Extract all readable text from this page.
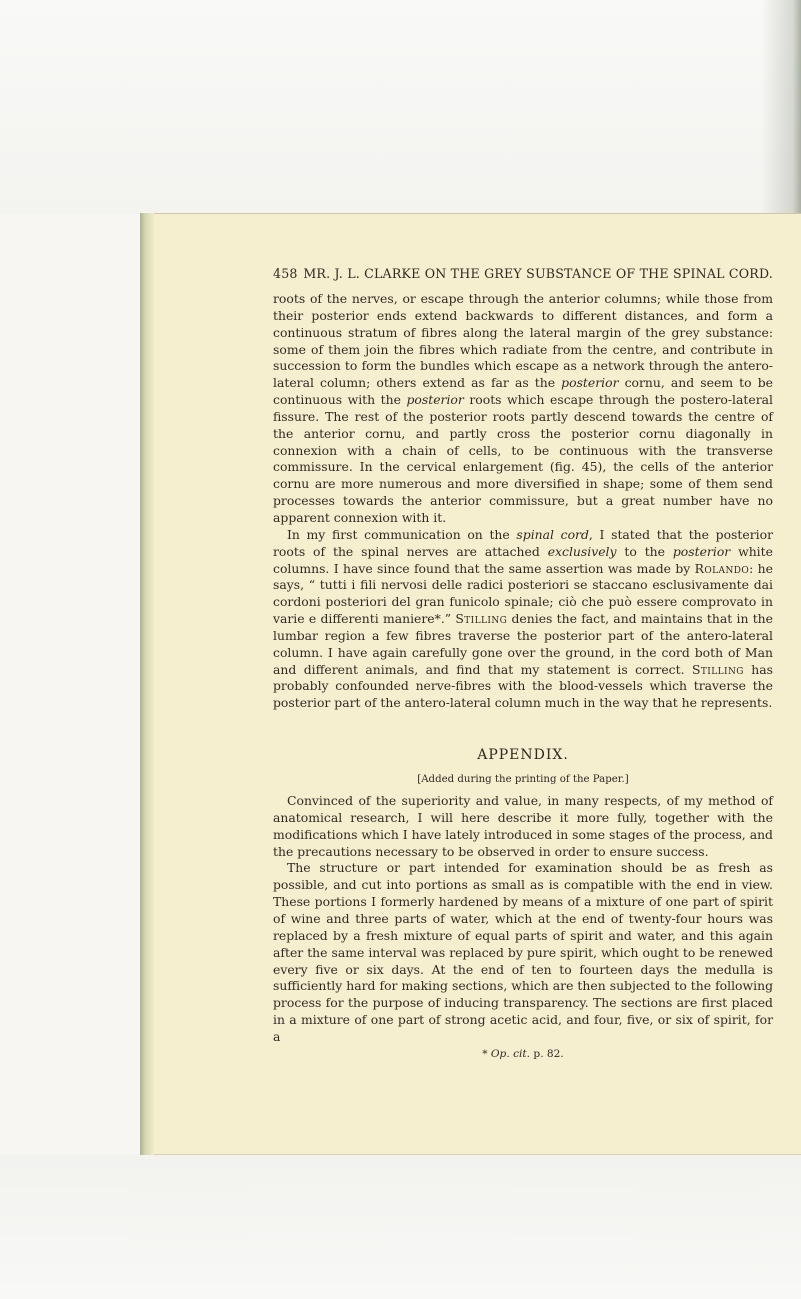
458 MR. J. L. CLARKE ON THE GREY SUBSTANCE OF THE SPINAL CORD.

roots of the nerves, or escape through the anterior columns; while those from their posterior ends extend backwards to different distances, and form a continuous stratum of fibres along the lateral margin of the grey substance: some of them join the fibres which radiate from the centre, and contribute in succession to form the bundles which escape as a network through the antero-lateral column; others extend as far as the posterior cornu, and seem to be continuous with the posterior roots which escape through the postero-lateral fissure. The rest of the posterior roots partly descend towards the centre of the anterior cornu, and partly cross the posterior cornu diagonally in connexion with a chain of cells, to be continuous with the transverse commissure. In the cervical enlargement (fig. 45), the cells of the anterior cornu are more numerous and more diversified in shape; some of them send processes towards the anterior commissure, but a great number have no apparent connexion with it.

In my first communication on the spinal cord, I stated that the posterior roots of the spinal nerves are attached exclusively to the posterior white columns. I have since found that the same assertion was made by Rolando: he says, “ tutti i fili nervosi delle radici posteriori se staccano esclusivamente dai cordoni posteriori del gran funicolo spinale; ciò che può essere comprovato in varie e differenti maniere*.” Stilling denies the fact, and maintains that in the lumbar region a few fibres traverse the posterior part of the antero-lateral column. I have again carefully gone over the ground, in the cord both of Man and different animals, and find that my statement is correct. Stilling has probably confounded nerve-fibres with the blood-vessels which traverse the posterior part of the antero-lateral column much in the way that he represents.

APPENDIX.
[Added during the printing of the Paper.]

Convinced of the superiority and value, in many respects, of my method of anatomical research, I will here describe it more fully, together with the modifications which I have lately introduced in some stages of the process, and the precautions necessary to be observed in order to ensure success.

The structure or part intended for examination should be as fresh as possible, and cut into portions as small as is compatible with the end in view. These portions I formerly hardened by means of a mixture of one part of spirit of wine and three parts of water, which at the end of twenty-four hours was replaced by a fresh mixture of equal parts of spirit and water, and this again after the same interval was replaced by pure spirit, which ought to be renewed every five or six days. At the end of ten to fourteen days the medulla is sufficiently hard for making sections, which are then subjected to the following process for the purpose of inducing transparency. The sections are first placed in a mixture of one part of strong acetic acid, and four, five, or six of spirit, for a

* Op. cit. p. 82.
